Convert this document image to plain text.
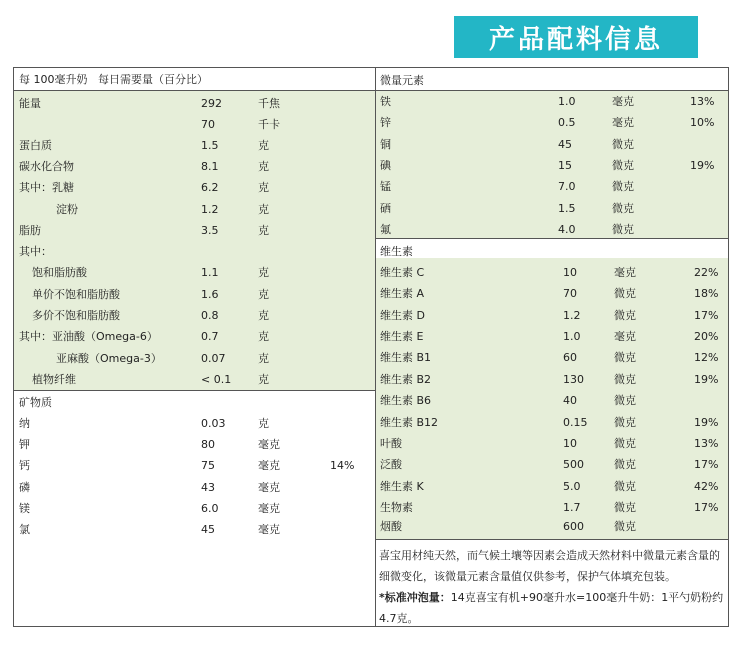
产品配料信息
每 100毫升奶 每日需要量（百分比）
能量	292	千焦
70	千卡
蛋白质	1.5	克
碳水化合物	8.1	克
其中：乳糖	6.2	克
淀粉	1.2	克
脂肪	3.5	克
其中：
饱和脂肪酸	1.1	克
单价不饱和脂肪酸	1.6	克
多价不饱和脂肪酸	0.8	克
其中：亚油酸（Omega-6）	0.7	克
亚麻酸（Omega-3）	0.07	克
植物纤维	< 0.1 克
矿物质
纳	0.03	克
钾	80	毫克
钙	75	毫克	14%
磷	43	毫克
镁	6.0	毫克
氯	45	毫克
微量元素
铁	1.0	毫克	13%
锌	0.5	毫克	10%
铜	45	微克
碘	15	微克	19%
锰	7.0	微克
硒	1.5	微克
氟	4.0	微克
维生素
维生素 C	10	毫克	22%
维生素 A	70	微克	18%
维生素 D	1.2	微克	17%
维生素 E	1.0	毫克	20%
维生素 B1	60	微克	12%
维生素 B2	130	微克	19%
维生素 B6	40	微克
维生素 B12	0.15 微克	19%
叶酸	10	微克	13%
泛酸	500	微克	17%
维生素 K	5.0	微克	42%
生物素	1.7	微克	17%
烟酸	600	微克
喜宝用材纯天然，而气候土壤等因素会造成天然材料中微量元素含量的细微变化，该微量元素含量值仅供参考，保护气体填充包装。
*标准冲泡量：14克喜宝有机+90毫升水=100毫升牛奶：1平勺奶粉约 4.7克。
